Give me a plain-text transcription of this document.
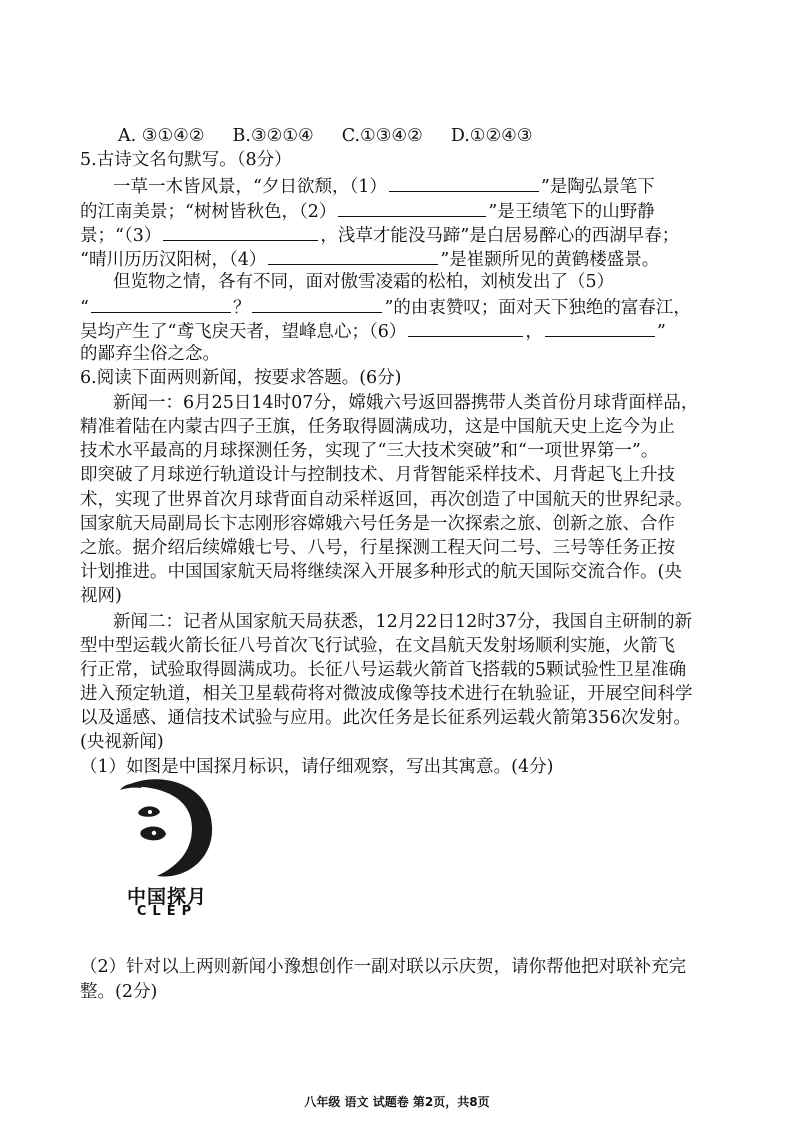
A. ③①④② B.③②①④ C.①③④② D.①②④③
5.古诗文名句默写。（8分）
一草一木皆风景，“夕日欲颓，（1）	”是陶弘景笔下
的江南美景；“树树皆秋色，（2）	”是王绩笔下的山野静
景；“（3）	，浅草才能没马蹄”是白居易醉心的西湖早春；
“晴川历历汉阳树，（4）	”是崔颢所见的黄鹤楼盛景。
但览物之情，各有不同，面对傲雪凌霜的松柏，刘桢发出了（5）
“	？	”的由衷赞叹；面对天下独绝的富春江，
吴均产生了“鸢飞戾天者，望峰息心；（6）	，	”
的鄙弃尘俗之念。
6.阅读下面两则新闻，按要求答题。(6分)
新闻一：6月25日14时07分，嫦娥六号返回器携带人类首份月球背面样品，
精准着陆在内蒙古四子王旗，任务取得圆满成功，这是中国航天史上迄今为止
技术水平最高的月球探测任务，实现了“三大技术突破”和“一项世界第一”。
即突破了月球逆行轨道设计与控制技术、月背智能采样技术、月背起飞上升技
术，实现了世界首次月球背面自动采样返回，再次创造了中国航天的世界纪录。
国家航天局副局长卞志刚形容嫦娥六号任务是一次探索之旅、创新之旅、合作
之旅。据介绍后续嫦娥七号、八号，行星探测工程天问二号、三号等任务正按
计划推进。中国国家航天局将继续深入开展多种形式的航天国际交流合作。(央
视网)
新闻二：记者从国家航天局获悉，12月22日12时37分，我国自主研制的新
型中型运载火箭长征八号首次飞行试验，在文昌航天发射场顺利实施，火箭飞
行正常，试验取得圆满成功。长征八号运载火箭首飞搭载的5颗试验性卫星准确
进入预定轨道，相关卫星载荷将对微波成像等技术进行在轨验证，开展空间科学
以及遥感、通信技术试验与应用。此次任务是长征系列运载火箭第356次发射。
(央视新闻)
（1）如图是中国探月标识，请仔细观察，写出其寓意。(4分)
中国探月
CLEP
（2）针对以上两则新闻小豫想创作一副对联以示庆贺，请你帮他把对联补充完
整。(2分)
八年级 语文 试题卷 第2页，共8页
